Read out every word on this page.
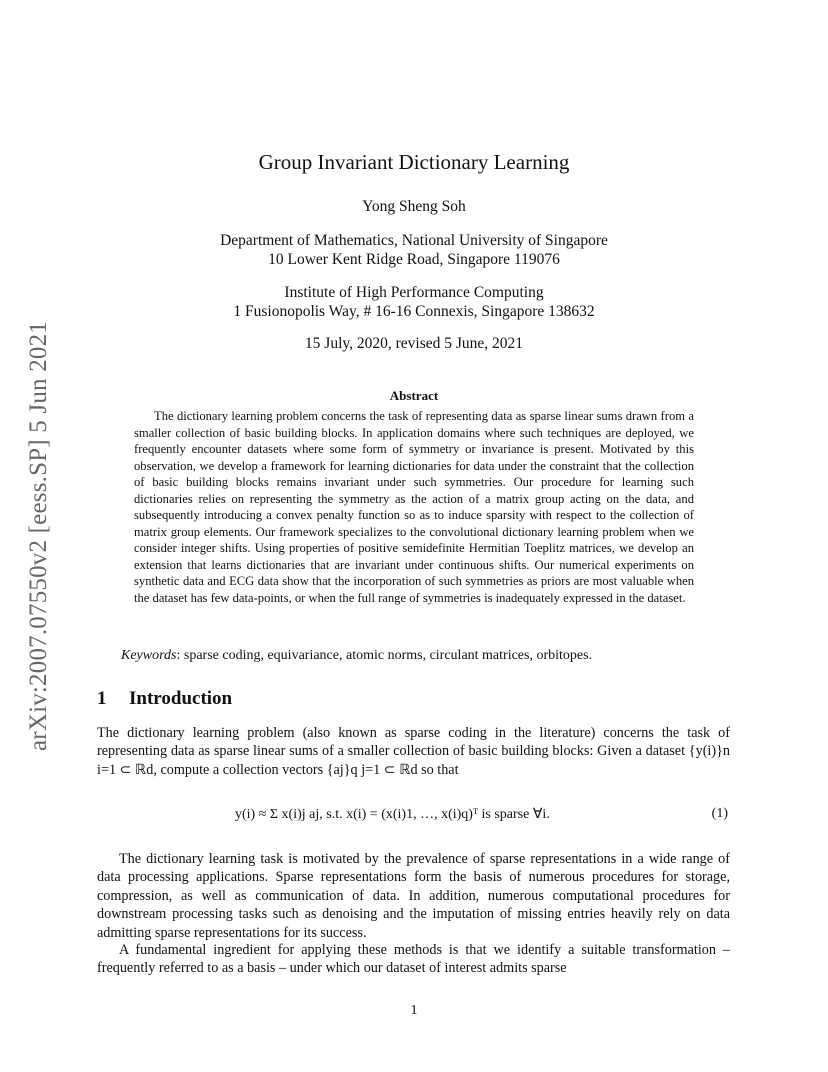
arXiv:2007.07550v2 [eess.SP] 5 Jun 2021
Group Invariant Dictionary Learning
Yong Sheng Soh
Department of Mathematics, National University of Singapore
10 Lower Kent Ridge Road, Singapore 119076
Institute of High Performance Computing
1 Fusionopolis Way, # 16-16 Connexis, Singapore 138632
15 July, 2020, revised 5 June, 2021
Abstract
The dictionary learning problem concerns the task of representing data as sparse linear sums drawn from a smaller collection of basic building blocks. In application domains where such techniques are deployed, we frequently encounter datasets where some form of symmetry or invariance is present. Motivated by this observation, we develop a framework for learning dictionaries for data under the constraint that the collection of basic building blocks remains invariant under such symmetries. Our procedure for learning such dictionaries relies on representing the symmetry as the action of a matrix group acting on the data, and subsequently introducing a convex penalty function so as to induce sparsity with respect to the collection of matrix group elements. Our framework specializes to the convolutional dictionary learning problem when we consider integer shifts. Using properties of positive semidefinite Hermitian Toeplitz matrices, we develop an extension that learns dictionaries that are invariant under continuous shifts. Our numerical experiments on synthetic data and ECG data show that the incorporation of such symmetries as priors are most valuable when the dataset has few data-points, or when the full range of symmetries is inadequately expressed in the dataset.
Keywords: sparse coding, equivariance, atomic norms, circulant matrices, orbitopes.
1 Introduction
The dictionary learning problem (also known as sparse coding in the literature) concerns the task of representing data as sparse linear sums of a smaller collection of basic building blocks: Given a dataset {y(i)}n i=1 ⊂ ℝd, compute a collection vectors {aj}q j=1 ⊂ ℝd so that
y(i) ≈ Σ x(i)j aj, s.t. x(i) = (x(i)1, …, x(i)q)ᵀ is sparse ∀i.	(1)
The dictionary learning task is motivated by the prevalence of sparse representations in a wide range of data processing applications. Sparse representations form the basis of numerous procedures for storage, compression, as well as communication of data. In addition, numerous computational procedures for downstream processing tasks such as denoising and the imputation of missing entries heavily rely on data admitting sparse representations for its success.
A fundamental ingredient for applying these methods is that we identify a suitable transformation – frequently referred to as a basis – under which our dataset of interest admits sparse
1
